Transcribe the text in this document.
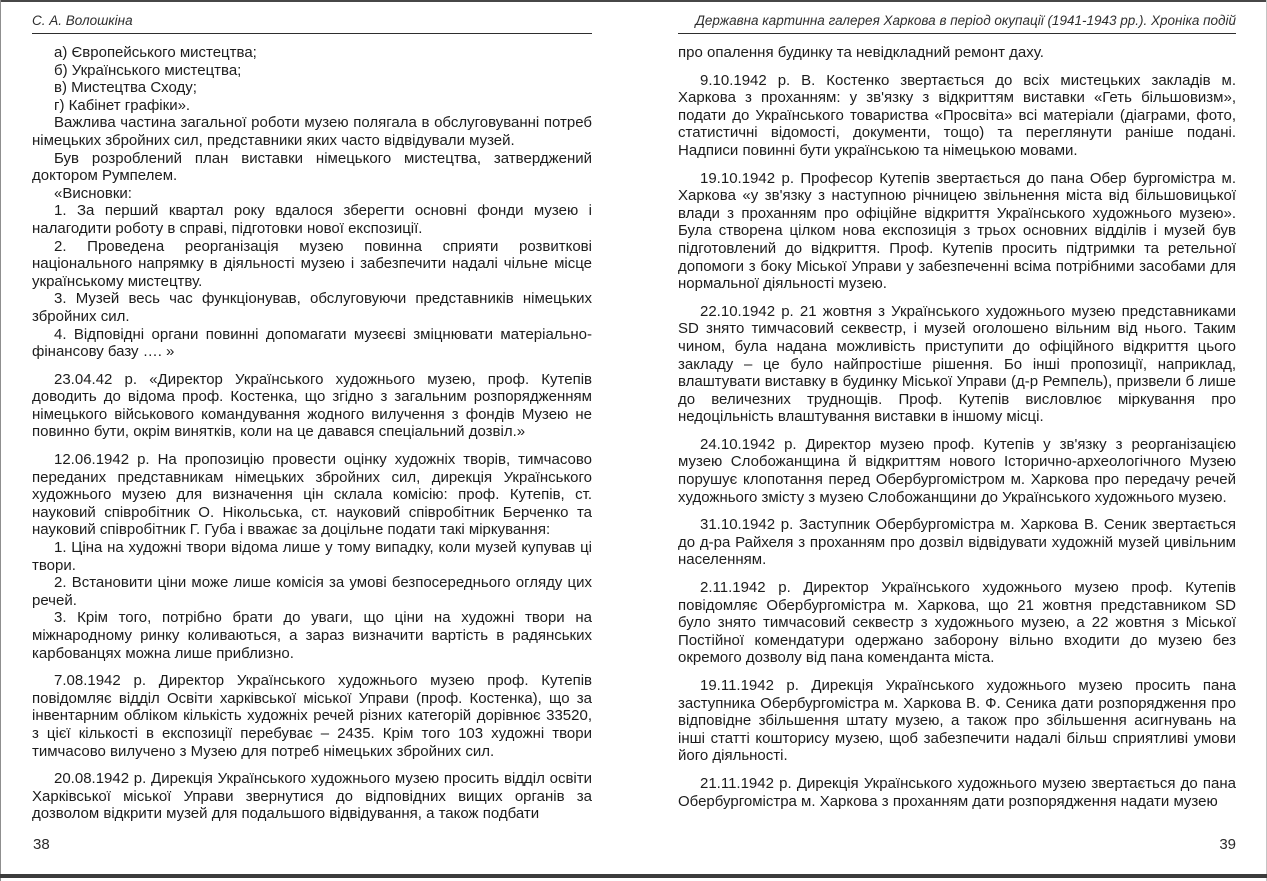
С. А. Волошкіна

а) Європейського мистецтва;

б) Українського мистецтва;

в) Мистецтва Сходу;

г) Кабінет графіки».

Важлива частина загальної роботи музею полягала в обслуговуванні потреб німецьких збройних сил, представники яких часто відвідували музей.

Був розроблений план виставки німецького мистецтва, затверджений доктором Румпелем.

«Висновки:

1. За перший квартал року вдалося зберегти основні фонди музею і налагодити роботу в справі, підготовки нової експозиції.

2. Проведена реорганізація музею повинна сприяти розвиткові національного напрямку в діяльності музею і забезпечити надалі чільне місце українському мистецтву.

3. Музей весь час функціонував, обслуговуючи представників німецьких збройних сил.

4. Відповідні органи повинні допомагати музеєві зміцнювати матеріально-фінансову базу …. »

23.04.42 р. «Директор Українського художнього музею, проф. Кутепів доводить до відома проф. Костенка, що згідно з загальним розпорядженням німецького військового командування жодного вилучення з фондів Музею не повинно бути, окрім винятків, коли на це давався спеціальний дозвіл.»

12.06.1942 р. На пропозицію провести оцінку художніх творів, тимчасово переданих представникам німецьких збройних сил, дирекція Українського художнього музею для визначення цін склала комісію: проф. Кутепів, ст. науковий співробітник О. Нікольська, ст. науковий співробітник Берченко та науковий співробітник Г. Губа і вважає за доцільне подати такі міркування:

1. Ціна на художні твори відома лише у тому випадку, коли музей купував ці твори.

2. Встановити ціни може лише комісія за умові безпосереднього огляду цих речей.

3. Крім того, потрібно брати до уваги, що ціни на художні твори на міжнародному ринку коливаються, а зараз визначити вартість в радянських карбованцях можна лише приблизно.

7.08.1942 р. Директор Українського художнього музею проф. Кутепів повідомляє відділ Освіти харківської міської Управи (проф. Костенка), що за інвентарним обліком кількість художніх речей різних категорій дорівнює 33520, з цієї кількості в експозиції перебуває – 2435. Крім того 103 художні твори тимчасово вилучено з Музею для потреб німецьких збройних сил.

20.08.1942 р. Дирекція Українського художнього музею просить відділ освіти Харківської міської Управи звернутися до відповідних вищих органів за дозволом відкрити музей для подальшого відвідування, а також подбати

Державна картинна галерея Харкова в період окупації (1941-1943 рр.). Хроніка подій

про опалення будинку та невідкладний ремонт даху.

9.10.1942 р. В. Костенко звертається до всіх мистецьких закладів м. Харкова з проханням: у зв'язку з відкриттям виставки «Геть більшовизм», подати до Українського товариства «Просвіта» всі матеріали (діаграми, фото, статистичні відомості, документи, тощо) та переглянути раніше подані. Надписи повинні бути українською та німецькою мовами.

19.10.1942 р. Професор Кутепів звертається до пана Обер бургомістра м. Харкова «у зв'язку з наступною річницею звільнення міста від більшовицької влади з проханням про офіційне відкриття Українського художнього музею». Була створена цілком нова експозиція з трьох основних відділів і музей був підготовлений до відкриття. Проф. Кутепів просить підтримки та ретельної допомоги з боку Міської Управи у забезпеченні всіма потрібними засобами для нормальної діяльності музею.

22.10.1942 р. 21 жовтня з Українського художнього музею представниками SD знято тимчасовий секвестр, і музей оголошено вільним від нього. Таким чином, була надана можливість приступити до офіційного відкриття цього закладу – це було найпростіше рішення. Бо інші пропозиції, наприклад, влаштувати виставку в будинку Міської Управи (д-р Ремпель), призвели б лише до величезних труднощів. Проф. Кутепів висловлює міркування про недоцільність влаштування виставки в іншому місці.

24.10.1942 р. Директор музею проф. Кутепів у зв'язку з реорганізацією музею Слобожанщина й відкриттям нового Історично-археологічного Музею порушує клопотання перед Обербургомістром м. Харкова про передачу речей художнього змісту з музею Слобожанщини до Українського художнього музею.

31.10.1942 р. Заступник Обербургомістра м. Харкова В. Сеник звертається до д-ра Райхеля з проханням про дозвіл відвідувати художній музей цивільним населенням.

2.11.1942 р. Директор Українського художнього музею проф. Кутепів повідомляє Обербургомістра м. Харкова, що 21 жовтня представником SD було знято тимчасовий секвестр з художнього музею, а 22 жовтня з Міської Постійної комендатури одержано заборону вільно входити до музею без окремого дозволу від пана коменданта міста.

19.11.1942 р. Дирекція Українського художнього музею просить пана заступника Обербургомістра м. Харкова В. Ф. Сеника дати розпорядження про відповідне збільшення штату музею, а також про збільшення асигнувань на інші статті кошторису музею, щоб забезпечити надалі більш сприятливі умови його діяльності.

21.11.1942 р. Дирекція Українського художнього музею звертається до пана Обербургомістра м. Харкова з проханням дати розпорядження надати музею

38	39
